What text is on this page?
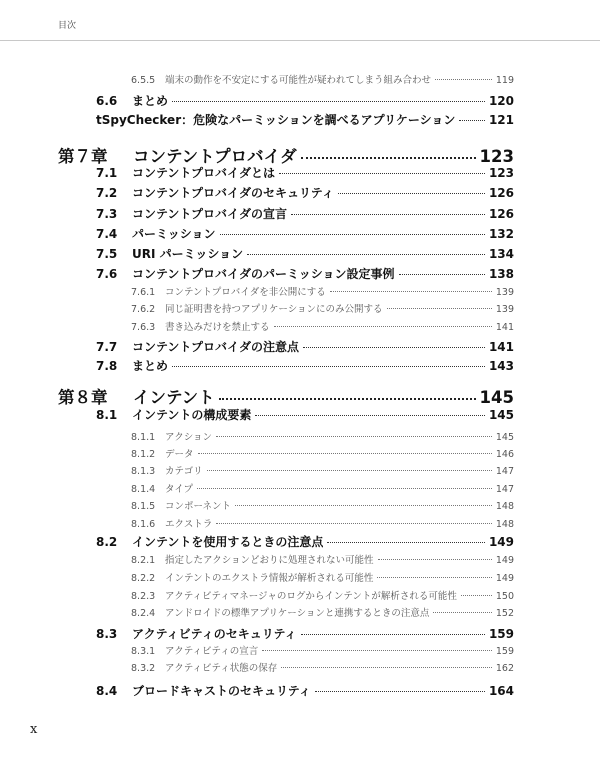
目次
6.5.5	端末の動作を不安定にする可能性が疑われてしまう組み合わせ	119
6.6	まとめ	120
tSpyChecker：危険なパーミッションを調べるアプリケーション	121
第７章	コンテントプロバイダ	123
7.1	コンテントプロバイダとは	123
7.2	コンテントプロバイダのセキュリティ	126
7.3	コンテントプロバイダの宣言	126
7.4	パーミッション	132
7.5	URI パーミッション	134
7.6	コンテントプロバイダのパーミッション設定事例	138
7.6.1	コンテントプロバイダを非公開にする	139
7.6.2	同じ証明書を持つアプリケーションにのみ公開する	139
7.6.3	書き込みだけを禁止する	141
7.7	コンテントプロバイダの注意点	141
7.8	まとめ	143
第８章	インテント	145
8.1	インテントの構成要素	145
8.1.1	アクション	145
8.1.2	データ	146
8.1.3	カテゴリ	147
8.1.4	タイプ	147
8.1.5	コンポーネント	148
8.1.6	エクストラ	148
8.2	インテントを使用するときの注意点	149
8.2.1	指定したアクションどおりに処理されない可能性	149
8.2.2	インテントのエクストラ情報が解析される可能性	149
8.2.3	アクティビティマネージャのログからインテントが解析される可能性	150
8.2.4	アンドロイドの標準アプリケーションと連携するときの注意点	152
8.3	アクティビティのセキュリティ	159
8.3.1	アクティビティの宣言	159
8.3.2	アクティビティ状態の保存	162
8.4	ブロードキャストのセキュリティ	164
x
